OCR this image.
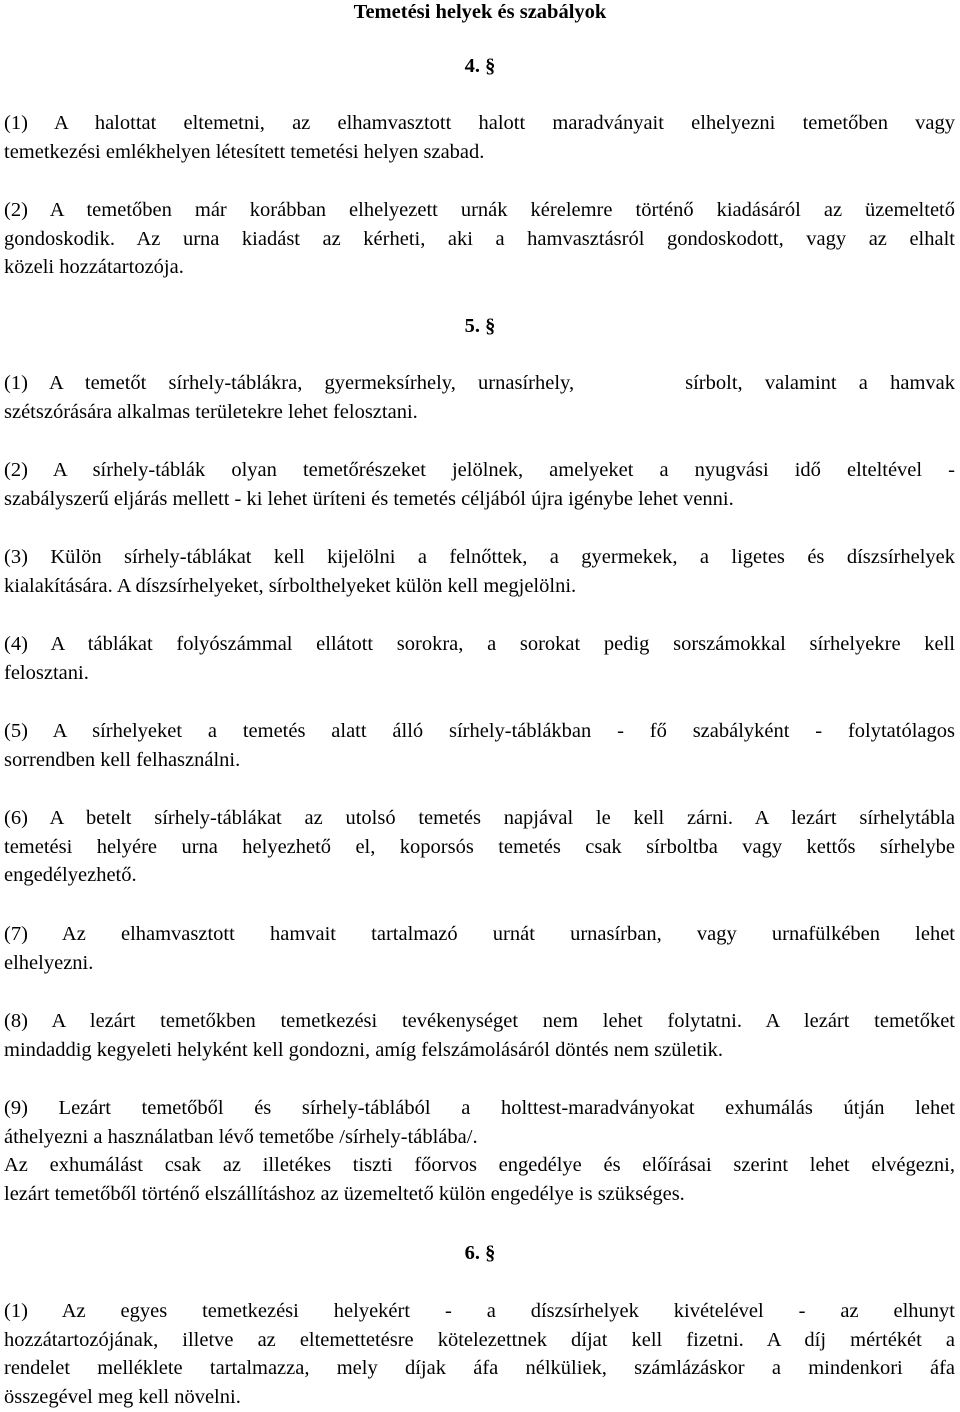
Temetési helyek és szabályok
4. §
(1) A halottat eltemetni, az elhamvasztott halott maradványait elhelyezni temetőben vagy
temetkezési emlékhelyen létesített temetési helyen szabad.
(2) A temetőben már korábban elhelyezett urnák kérelemre történő kiadásáról az üzemeltető
gondoskodik. Az urna kiadást az kérheti, aki a hamvasztásról gondoskodott, vagy az elhalt
közeli hozzátartozója.
5. §
(1) A temetőt sírhely-táblákra, gyermeksírhely, urnasírhely,     sírbolt, valamint a hamvak
szétszórására alkalmas területekre lehet felosztani.
(2) A sírhely-táblák olyan temetőrészeket jelölnek, amelyeket a nyugvási idő elteltével -
szabályszerű eljárás mellett - ki lehet üríteni és temetés céljából újra igénybe lehet venni.
(3) Külön sírhely-táblákat kell kijelölni a felnőttek, a gyermekek, a ligetes és díszsírhelyek
kialakítására. A díszsírhelyeket, sírbolthelyeket külön kell megjelölni.
(4) A táblákat folyószámmal ellátott sorokra, a sorokat pedig sorszámokkal sírhelyekre kell
felosztani.
(5) A sírhelyeket a temetés alatt álló sírhely-táblákban - fő szabályként - folytatólagos
sorrendben kell felhasználni.
(6) A betelt sírhely-táblákat az utolsó temetés napjával le kell zárni. A lezárt sírhelytábla
temetési helyére urna helyezhető el, koporsós temetés csak sírboltba vagy kettős sírhelybe
engedélyezhető.
(7) Az elhamvasztott hamvait tartalmazó urnát urnasírban, vagy urnafülkében lehet
elhelyezni.
(8) A lezárt temetőkben temetkezési tevékenységet nem lehet folytatni. A lezárt temetőket
mindaddig kegyeleti helyként kell gondozni, amíg felszámolásáról döntés nem születik.
(9) Lezárt temetőből és sírhely-táblából a holttest-maradványokat exhumálás útján lehet
áthelyezni a használatban lévő temetőbe /sírhely-táblába/.
Az exhumálást csak az illetékes tiszti főorvos engedélye és előírásai szerint lehet elvégezni,
lezárt temetőből történő elszállításhoz az üzemeltető külön engedélye is szükséges.
6. §
(1) Az egyes temetkezési helyekért - a díszsírhelyek kivételével - az elhunyt
hozzátartozójának, illetve az eltemettetésre kötelezettnek díjat kell fizetni. A díj mértékét a
rendelet melléklete tartalmazza, mely díjak áfa nélküliek, számlázáskor a mindenkori áfa
összegével meg kell növelni.
